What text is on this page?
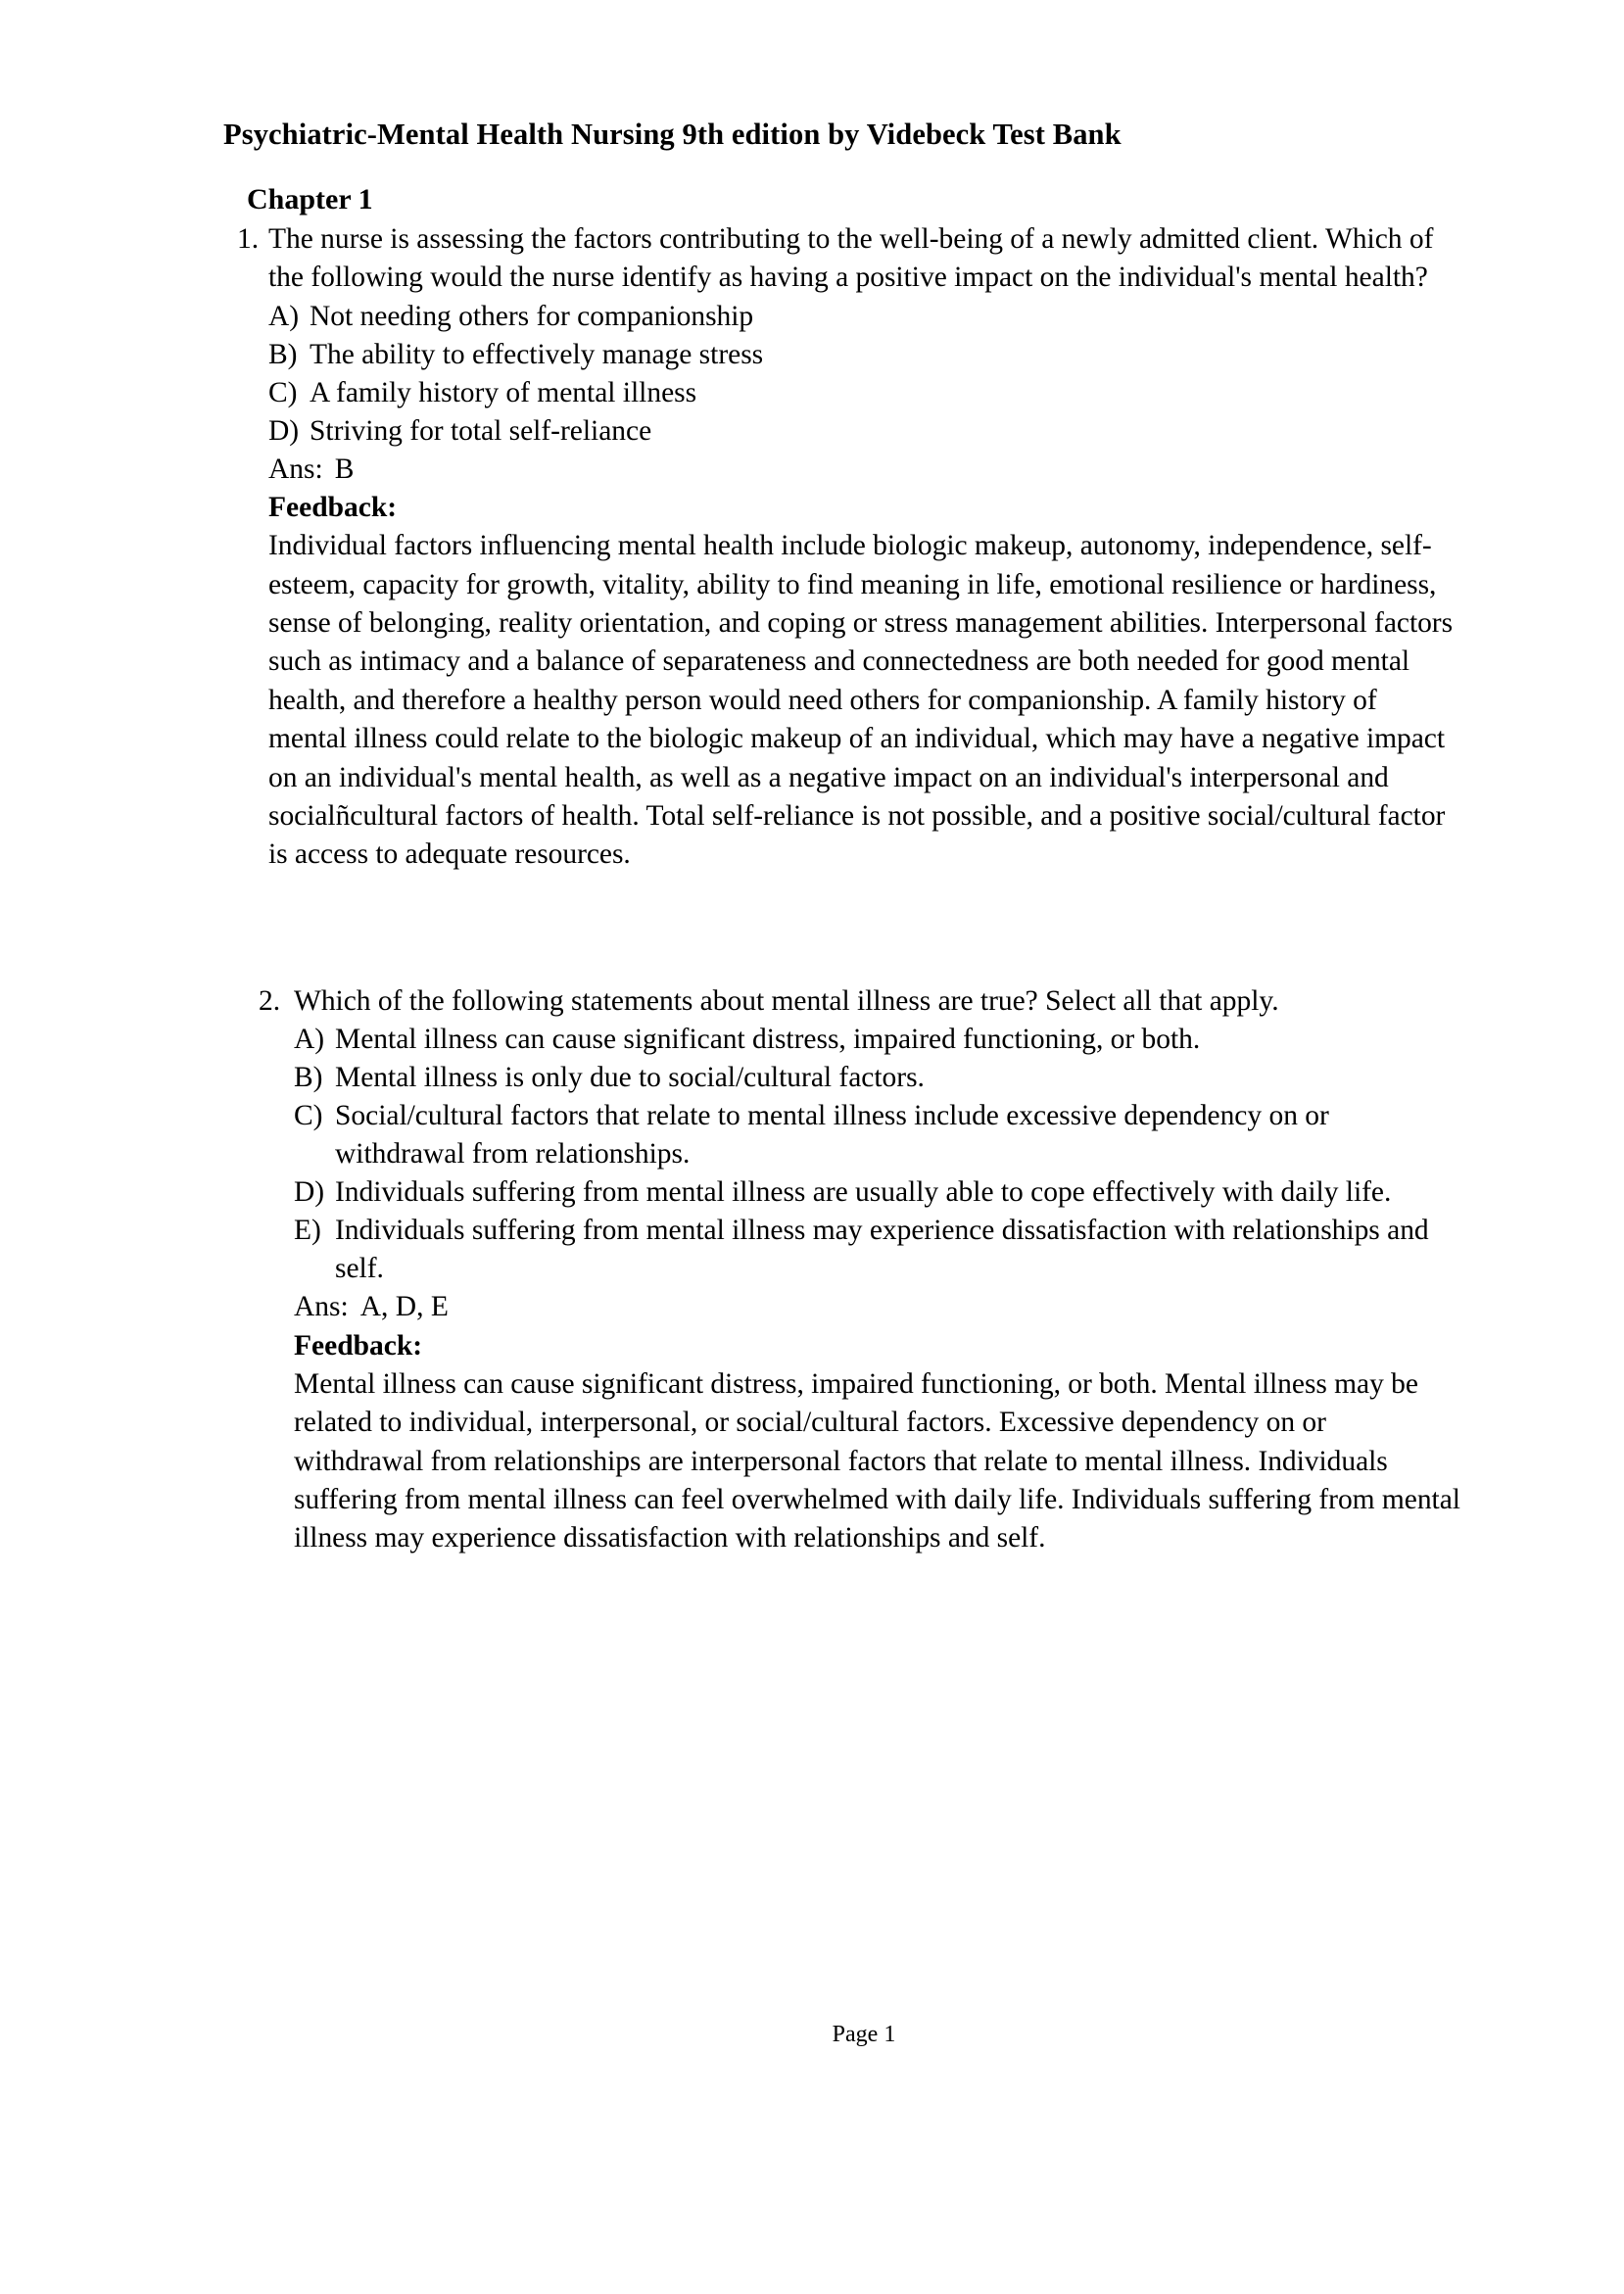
Psychiatric-Mental Health Nursing 9th edition by Videbeck Test Bank
Chapter 1
1. The nurse is assessing the factors contributing to the well-being of a newly admitted client. Which of the following would the nurse identify as having a positive impact on the individual's mental health?
A) Not needing others for companionship
B) The ability to effectively manage stress
C) A family history of mental illness
D) Striving for total self-reliance
Ans: B
Feedback:
Individual factors influencing mental health include biologic makeup, autonomy, independence, self-esteem, capacity for growth, vitality, ability to find meaning in life, emotional resilience or hardiness, sense of belonging, reality orientation, and coping or stress management abilities. Interpersonal factors such as intimacy and a balance of separateness and connectedness are both needed for good mental health, and therefore a healthy person would need others for companionship. A family history of mental illness could relate to the biologic makeup of an individual, which may have a negative impact on an individual's mental health, as well as a negative impact on an individual's interpersonal and socialñcultural factors of health. Total self-reliance is not possible, and a positive social/cultural factor is access to adequate resources.
2. Which of the following statements about mental illness are true? Select all that apply.
A) Mental illness can cause significant distress, impaired functioning, or both.
B) Mental illness is only due to social/cultural factors.
C) Social/cultural factors that relate to mental illness include excessive dependency on or withdrawal from relationships.
D) Individuals suffering from mental illness are usually able to cope effectively with daily life.
E) Individuals suffering from mental illness may experience dissatisfaction with relationships and self.
Ans: A, D, E
Feedback:
Mental illness can cause significant distress, impaired functioning, or both. Mental illness may be related to individual, interpersonal, or social/cultural factors. Excessive dependency on or withdrawal from relationships are interpersonal factors that relate to mental illness. Individuals suffering from mental illness can feel overwhelmed with daily life. Individuals suffering from mental illness may experience dissatisfaction with relationships and self.
Page 1
